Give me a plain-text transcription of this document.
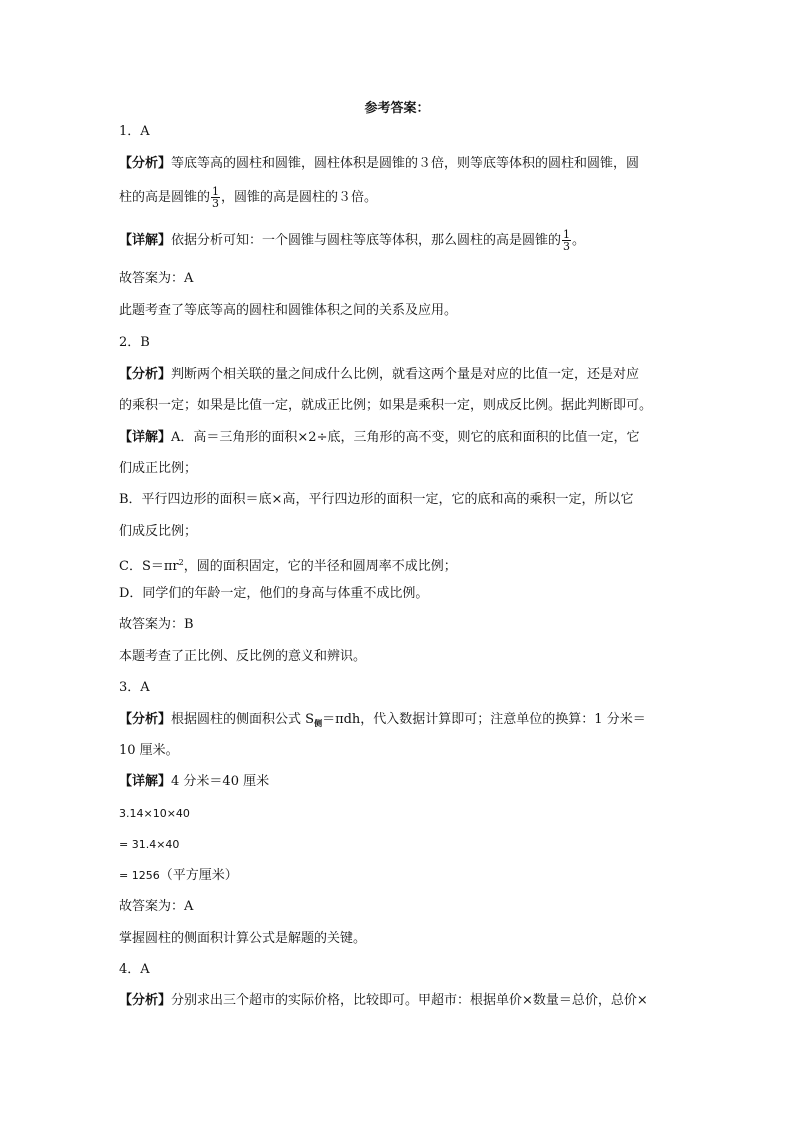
参考答案：
1．A
【分析】等底等高的圆柱和圆锥，圆柱体积是圆锥的３倍，则等底等体积的圆柱和圆锥，圆
柱的高是圆锥的 $\frac{1}{3}$ ，圆锥的高是圆柱的３倍。
【详解】依据分析可知：一个圆锥与圆柱等底等体积，那么圆柱的高是圆锥的 $\frac{1}{3}$ 。
故答案为：A
此题考查了等底等高的圆柱和圆锥体积之间的关系及应用。
2．B
【分析】判断两个相关联的量之间成什么比例，就看这两个量是对应的比值一定，还是对应
的乘积一定；如果是比值一定，就成正比例；如果是乘积一定，则成反比例。据此判断即可。
【详解】A．高＝三角形的面积×2÷底，三角形的高不变，则它的底和面积的比值一定，它
们成正比例；
B．平行四边形的面积＝底×高，平行四边形的面积一定，它的底和高的乘积一定，所以它
们成反比例；
C．$S=\pi r^2$，圆的面积固定，它的半径和圆周率不成比例；
D．同学们的年龄一定，他们的身高与体重不成比例。
故答案为：B
本题考查了正比例、反比例的意义和辨识。
3．A
【分析】根据圆柱的侧面积公式 $S_侧=\pi dh$，代入数据计算即可；注意单位的换算：1 分米＝
10 厘米。
【详解】4 分米＝40 厘米
3.14×10×40
= 31.4×40
= 1256（平方厘米）
故答案为：A
掌握圆柱的侧面积计算公式是解题的关键。
4．A
【分析】分别求出三个超市的实际价格，比较即可。甲超市：根据单价×数量＝总价，总价×
